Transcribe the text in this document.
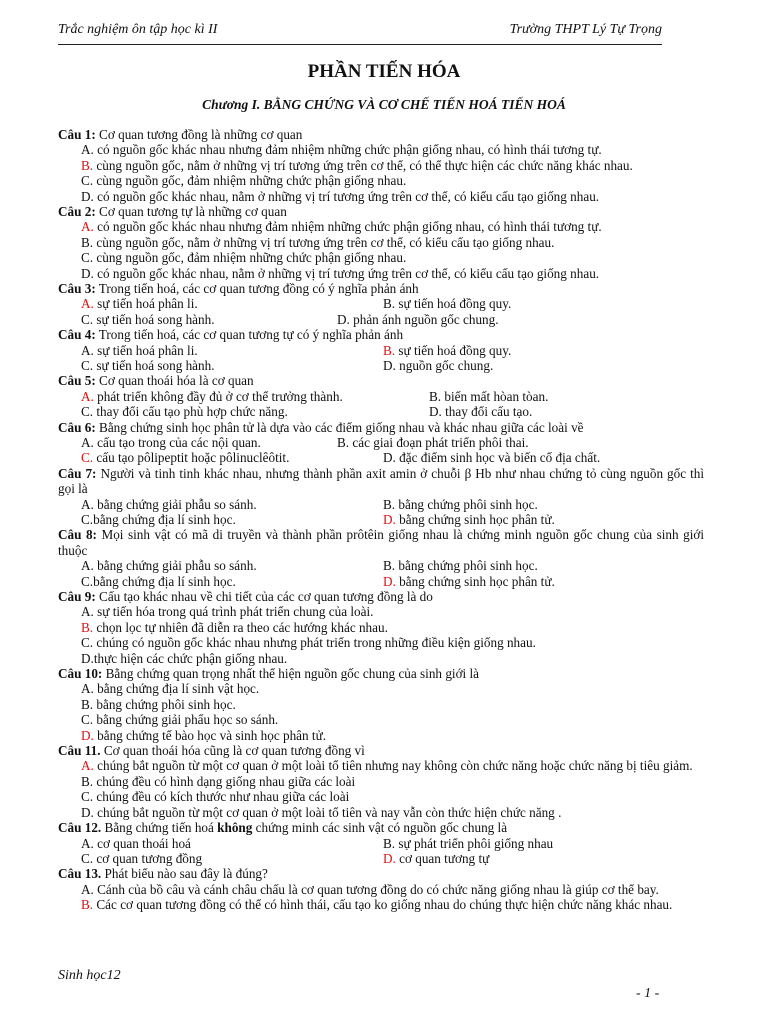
Trắc nghiệm ôn tập học kì II	Trường THPT Lý Tự Trọng
PHẦN TIẾN HÓA
Chương I. BẰNG CHỨNG VÀ CƠ CHẾ TIẾN HOÁ TIẾN HOÁ
Câu 1: Cơ quan tương đồng là những cơ quan
A. có nguồn gốc khác nhau nhưng đảm nhiệm những chức phận giống nhau, có hình thái tương tự.
B. cùng nguồn gốc, nằm ở những vị trí tương ứng trên cơ thể, có thể thực hiện các chức năng khác nhau.
C. cùng nguồn gốc, đảm nhiệm những chức phận giống nhau.
D. có nguồn gốc khác nhau, nằm ở những vị trí tương ứng trên cơ thể, có kiểu cấu tạo giống nhau.
Câu 2: Cơ quan tương tự là những cơ quan
A. có nguồn gốc khác nhau nhưng đảm nhiệm những chức phận giống nhau, có hình thái tương tự.
B. cùng nguồn gốc, nằm ở những vị trí tương ứng trên cơ thể, có kiểu cấu tạo giống nhau.
C. cùng nguồn gốc, đảm nhiệm những chức phận giống nhau.
D. có nguồn gốc khác nhau, nằm ở những vị trí tương ứng trên cơ thể, có kiểu cấu tạo giống nhau.
Câu 3: Trong tiến hoá, các cơ quan tương đồng có ý nghĩa phản ánh
A. sự tiến hoá phân li.	B. sự tiến hoá đồng quy.
C. sự tiến hoá song hành.	D. phản ánh nguồn gốc chung.
Câu 4: Trong tiến hoá, các cơ quan tương tự có ý nghĩa phản ánh
A. sự tiến hoá phân li.	B. sự tiến hoá đồng quy.
C. sự tiến hoá song hành.	D. nguồn gốc chung.
Câu 5: Cơ quan thoái hóa là cơ quan
A. phát triển không đầy đủ ở cơ thể trưởng thành.	B. biến mất hòan tòan.
C. thay đổi cấu tạo phù hợp chức năng.	D. thay đổi cấu tạo.
Câu 6: Bằng chứng sinh học phân tử là dựa vào các điểm giống nhau và khác nhau giữa các loài về
A. cấu tạo trong của các nội quan.	B. các giai đoạn phát triển phôi thai.
C. cấu tạo pôlipeptit hoặc pôlinuclêôtit.	D. đặc điểm sinh học và biến cố địa chất.
Câu 7: Người và tinh tinh khác nhau, nhưng thành phần axit amin ở chuỗi β Hb như nhau chứng tỏ cùng nguồn gốc thì gọi là
A. bằng chứng giải phẫu so sánh.	B. bằng chứng phôi sinh học.
C.bằng chứng địa lí sinh học.	D. bằng chứng sinh học phân tử.
Câu 8: Mọi sinh vật có mã di truyền và thành phần prôtêin giống nhau là chứng minh nguồn gốc chung của sinh giới thuộc
A. bằng chứng giải phẫu so sánh.	B. bằng chứng phôi sinh học.
C.bằng chứng địa lí sinh học.	D. bằng chứng sinh học phân tử.
Câu 9: Cấu tạo khác nhau về chi tiết của các cơ quan tương đồng là do
A. sự tiến hóa trong quá trình phát triển chung của loài.
B. chọn lọc tự nhiên đã diễn ra theo các hướng khác nhau.
C. chúng có nguồn gốc khác nhau nhưng phát triển trong những điều kiện giống nhau.
D.thực hiện các chức phận giống nhau.
Câu 10: Bằng chứng quan trọng nhất thể hiện nguồn gốc chung của sinh giới là
A. bằng chứng địa lí sinh vật học.
B. bằng chứng phôi sinh học.
C. bằng chứng giải phẩu học so sánh.
D. bằng chứng tế bào học và sinh học phân tử.
Câu 11. Cơ quan thoái hóa cũng là cơ quan tương đồng vì
A. chúng bắt nguồn từ một cơ quan ở một loài tổ tiên nhưng nay không còn chức năng hoặc chức năng bị tiêu giảm.
B. chúng đều có hình dạng giống nhau giữa các loài
C. chúng đều có kích thước như nhau giữa các loài
D. chúng bắt nguồn từ một cơ quan ở một loài tổ tiên và nay vẫn còn thức hiện chức năng .
Câu 12. Bằng chứng tiến hoá không chứng minh các sinh vật có nguồn gốc chung là
A. cơ quan thoái hoá	B. sự phát triển phôi giống nhau
C. cơ quan tương đồng	D. cơ quan tương tự
Câu 13. Phát biểu nào sau đây là đúng?
A. Cánh của bồ câu và cánh châu chấu là cơ quan tương đồng do có chức năng giống nhau là giúp cơ thể bay.
B. Các cơ quan tương đồng có thể có hình thái, cấu tạo ko giống nhau do chúng thực hiện chức năng khác nhau.
Sinh học12
- 1 -
